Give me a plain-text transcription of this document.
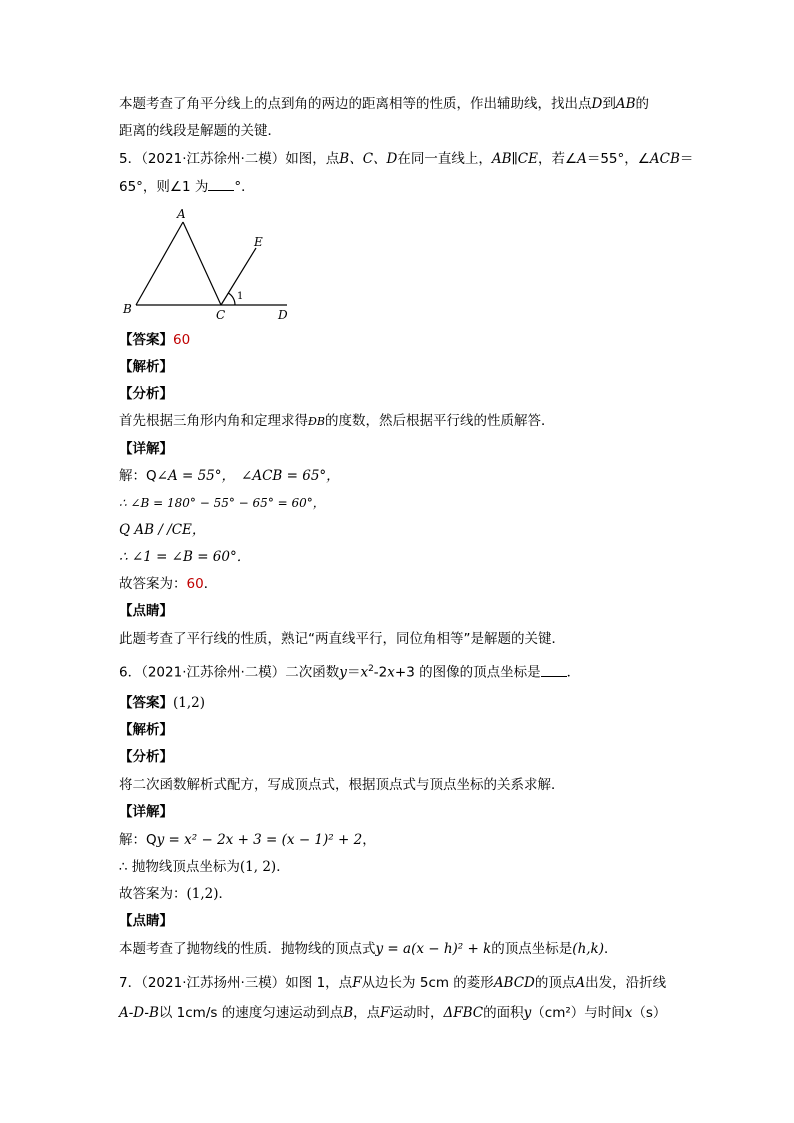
本题考查了角平分线上的点到角的两边的距离相等的性质，作出辅助线，找出点D到AB的
距离的线段是解题的关键．
5．（2021·江苏徐州·二模）如图，点B、C、D在同一直线上，AB∥CE，若∠A＝55°，∠ACB＝
65°，则∠1 为 °．
A
B	C	D
E
1
【答案】60
【解析】
【分析】
首先根据三角形内角和定理求得ÐB的度数，然后根据平行线的性质解答．
【详解】
解：Q∠A = 55°， ∠ACB = 65°，
∴ ∠B = 180° − 55° − 65° = 60°，
Q AB / /CE，
∴ ∠1 = ∠B = 60°．
故答案为：60．
【点睛】
此题考查了平行线的性质，熟记“两直线平行，同位角相等”是解题的关键．
6．（2021·江苏徐州·二模）二次函数$y=x^2-2x+3$ 的图像的顶点坐标是 ．
【答案】(1,2)
【解析】
【分析】
将二次函数解析式配方，写成顶点式，根据顶点式与顶点坐标的关系求解．
【详解】
解：Qy = x² − 2x + 3 = (x − 1)² + 2，
∴ 抛物线顶点坐标为(1, 2)．
故答案为：(1,2)．
【点睛】
本题考查了抛物线的性质．抛物线的顶点式y = a(x − h)² + k的顶点坐标是(h,k)．
7．（2021·江苏扬州·三模）如图 1，点F从边长为 5cm 的菱形ABCD的顶点A出发，沿折线
A-D-B以 1cm/s 的速度匀速运动到点B，点F运动时，ΔFBC的面积y（cm²）与时间x（s）
